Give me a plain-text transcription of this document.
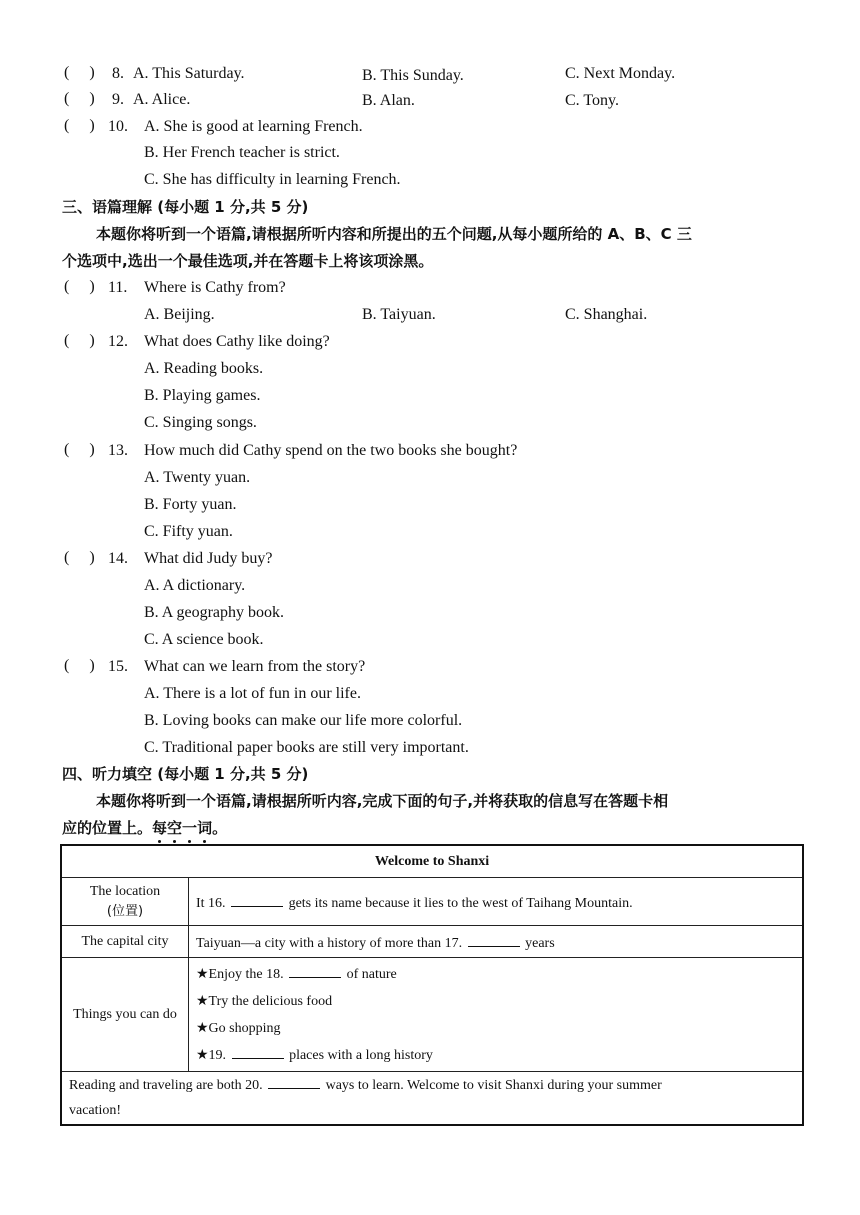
(     ) 8. A. This Saturday.	B. This Sunday.	C. Next Monday.
(     ) 9. A. Alice.	B. Alan.	C. Tony.
(     ) 10. A. She is good at learning French.
B. Her French teacher is strict.
C. She has difficulty in learning French.
三、语篇理解 (每小题 1 分,共 5 分)
本题你将听到一个语篇,请根据所听内容和所提出的五个问题,从每小题所给的 A、B、C 三
个选项中,选出一个最佳选项,并在答题卡上将该项涂黑。
(     ) 11. Where is Cathy from?
A. Beijing.	B. Taiyuan.	C. Shanghai.
(     ) 12. What does Cathy like doing?
A. Reading books.
B. Playing games.
C. Singing songs.
(     ) 13. How much did Cathy spend on the two books she bought?
A. Twenty yuan.
B. Forty yuan.
C. Fifty yuan.
(     ) 14. What did Judy buy?
A. A dictionary.
B. A geography book.
C. A science book.
(     ) 15. What can we learn from the story?
A. There is a lot of fun in our life.
B. Loving books can make our life more colorful.
C. Traditional paper books are still very important.
四、听力填空 (每小题 1 分,共 5 分)
本题你将听到一个语篇,请根据所听内容,完成下面的句子,并将获取的信息写在答题卡相
应的位置上。每空一词。
Welcome to Shanxi	

The location
(位置)	It 16. gets its name because it lies to the west of Taihang Mountain.
The capital city	Taiyuan—a city with a history of more than 17. years
Things you can do	★Enjoy the 18. of nature
★Try the delicious food
★Go shopping
★19. places with a long history

Reading and traveling are both 20. ways to learn. Welcome to visit Shanxi during your summer
vacation!	
